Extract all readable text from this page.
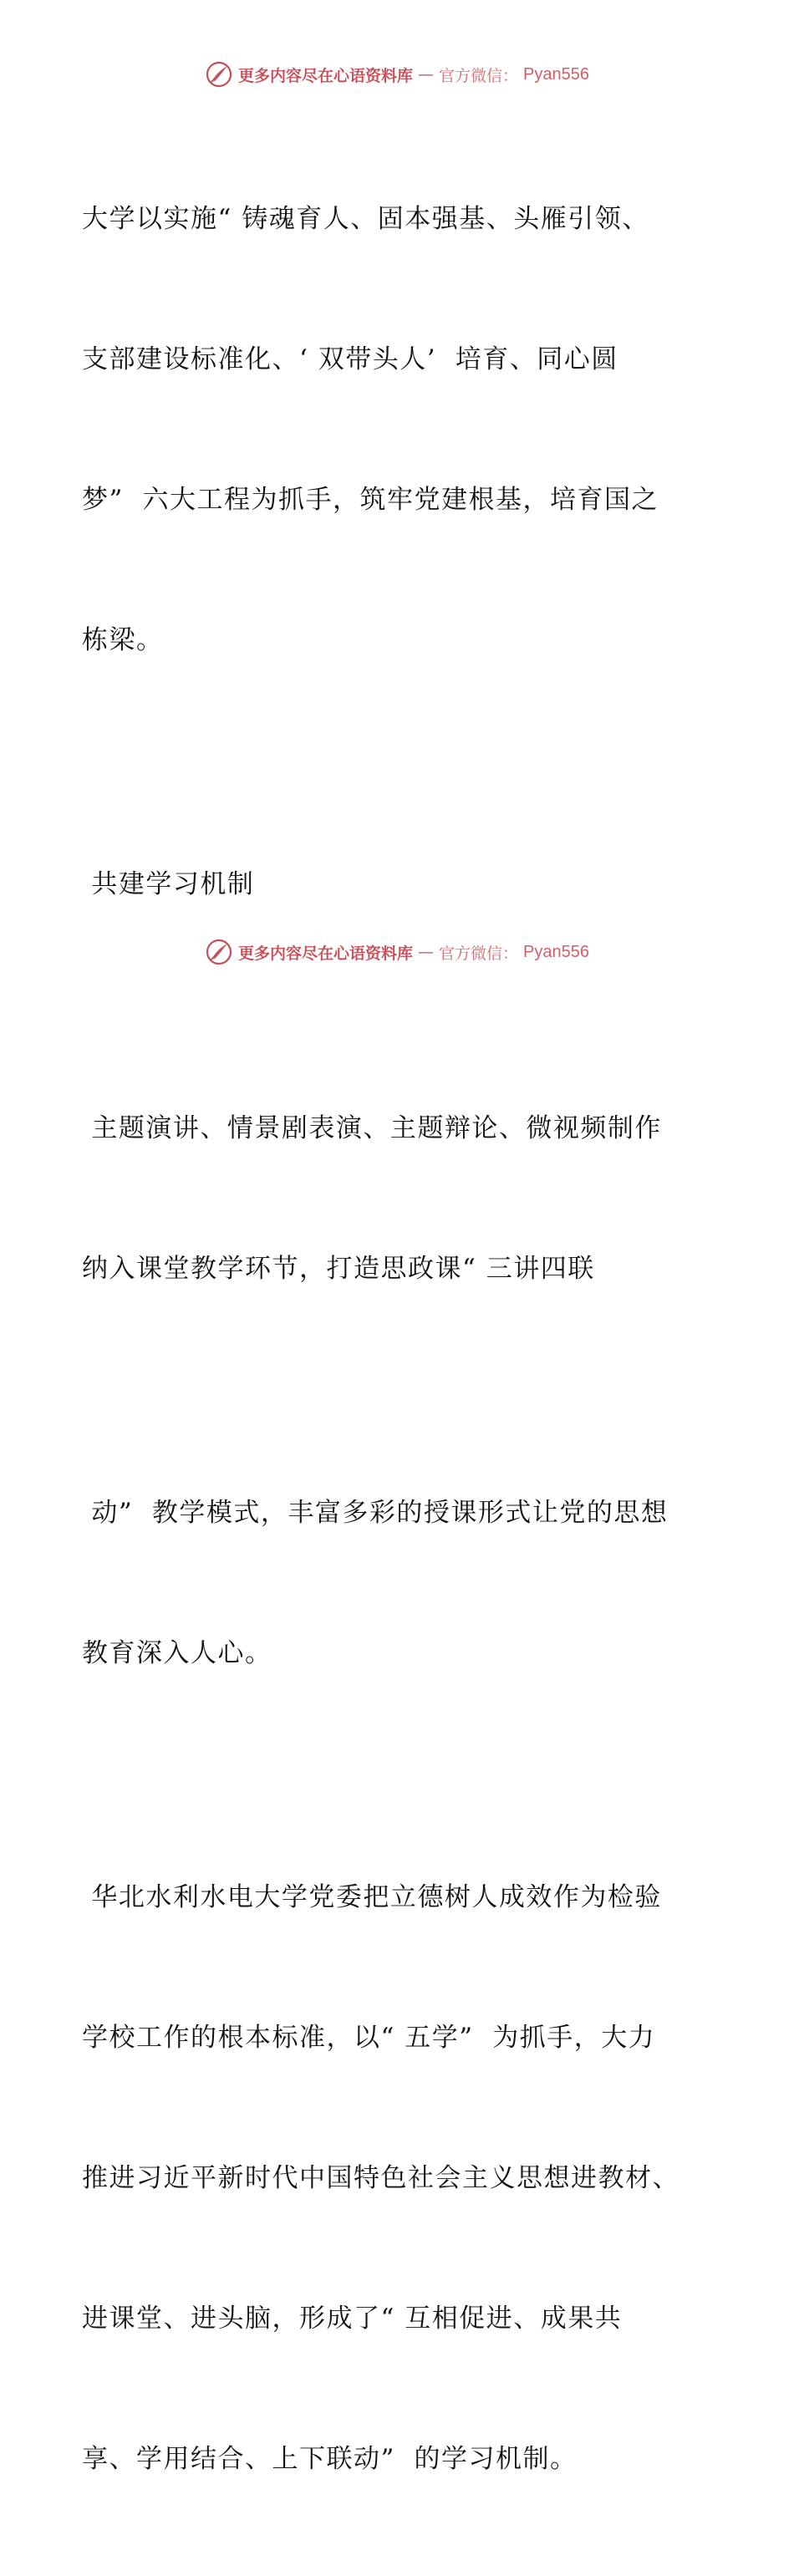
更多内容尽在心语资料库 — 官方微信： Pyan556

大学以实施“ 铸魂育人、固本强基、头雁引领、

支部建设标准化、‘ 双带头人’  培育、同心圆

梦”  六大工程为抓手，筑牢党建根基，培育国之

栋梁。

共建学习机制

主题演讲、情景剧表演、主题辩论、微视频制作

纳入课堂教学环节，打造思政课“ 三讲四联

动”  教学模式，丰富多彩的授课形式让党的思想

教育深入人心。

华北水利水电大学党委把立德树人成效作为检验

学校工作的根本标准，以“ 五学”  为抓手，大力

推进习近平新时代中国特色社会主义思想进教材、

进课堂、进头脑，形成了“ 互相促进、成果共

享、学用结合、上下联动”  的学习机制。

更多内容尽在心语资料库 — 官方微信： Pyan556
